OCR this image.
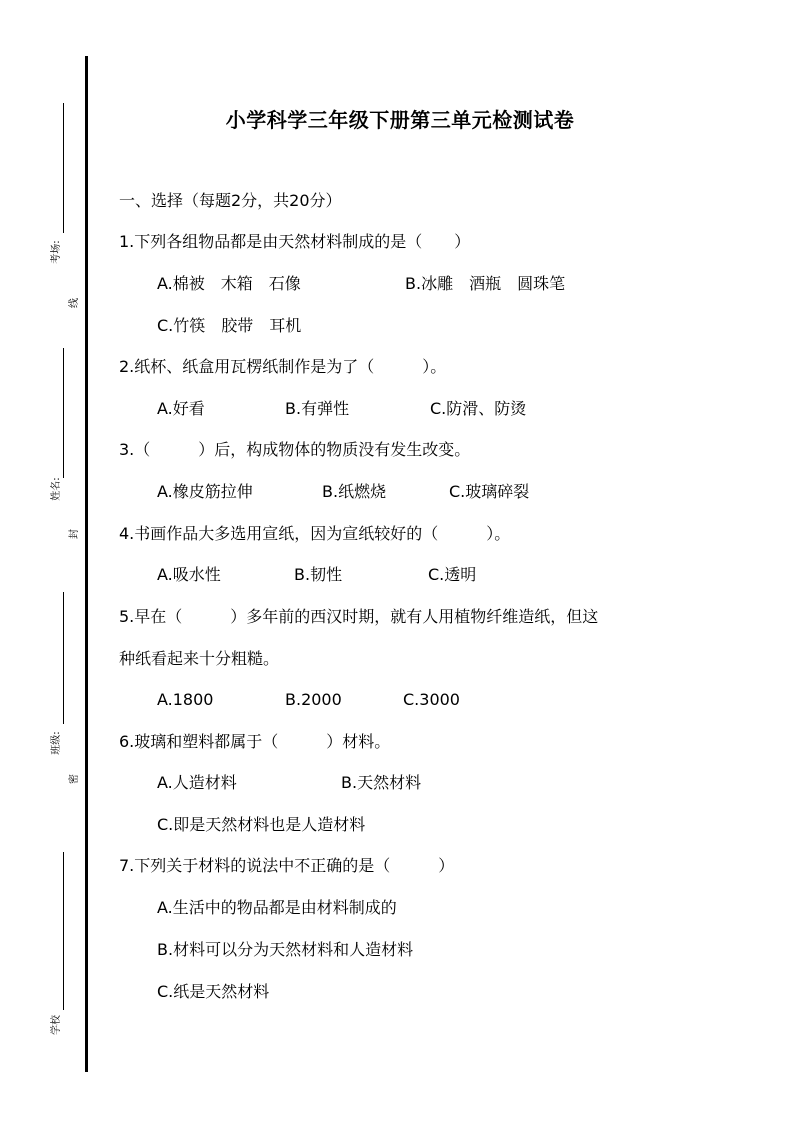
考场:
线
姓名:
封
班级:
密
学校
小学科学三年级下册第三单元检测试卷
一、选择（每题2分，共20分）
1.下列各组物品都是由天然材料制成的是（　　）
A.棉被　木箱　石像	B.冰雕　酒瓶　圆珠笔
C.竹筷　胶带　耳机
2.纸杯、纸盒用瓦楞纸制作是为了（　　　）。
A.好看	B.有弹性	C.防滑、防烫
3.（　　　）后，构成物体的物质没有发生改变。
A.橡皮筋拉伸	B.纸燃烧	C.玻璃碎裂
4.书画作品大多选用宣纸，因为宣纸较好的（　　　）。
A.吸水性	B.韧性	C.透明
5.早在（　　　）多年前的西汉时期，就有人用植物纤维造纸，但这
种纸看起来十分粗糙。
A.1800	B.2000	C.3000
6.玻璃和塑料都属于（　　　）材料。
A.人造材料	B.天然材料
C.即是天然材料也是人造材料
7.下列关于材料的说法中不正确的是（　　　）
A.生活中的物品都是由材料制成的
B.材料可以分为天然材料和人造材料
C.纸是天然材料
